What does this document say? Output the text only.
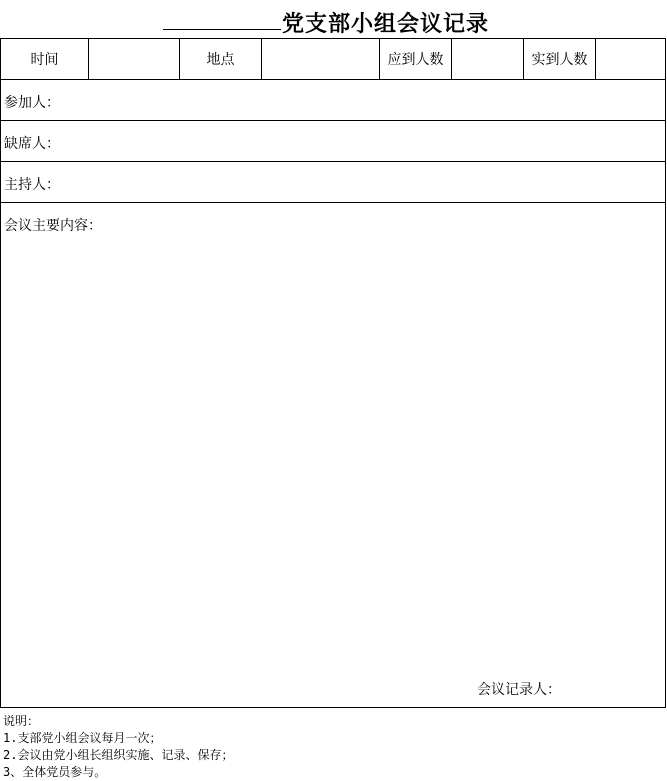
党支部小组会议记录
时间	地点	应到人数	实到人数
参加人：
缺席人：
主持人：
会议主要内容：
会议记录人：
说明：
1.支部党小组会议每月一次；
2.会议由党小组长组织实施、记录、保存；
3、全体党员参与。
